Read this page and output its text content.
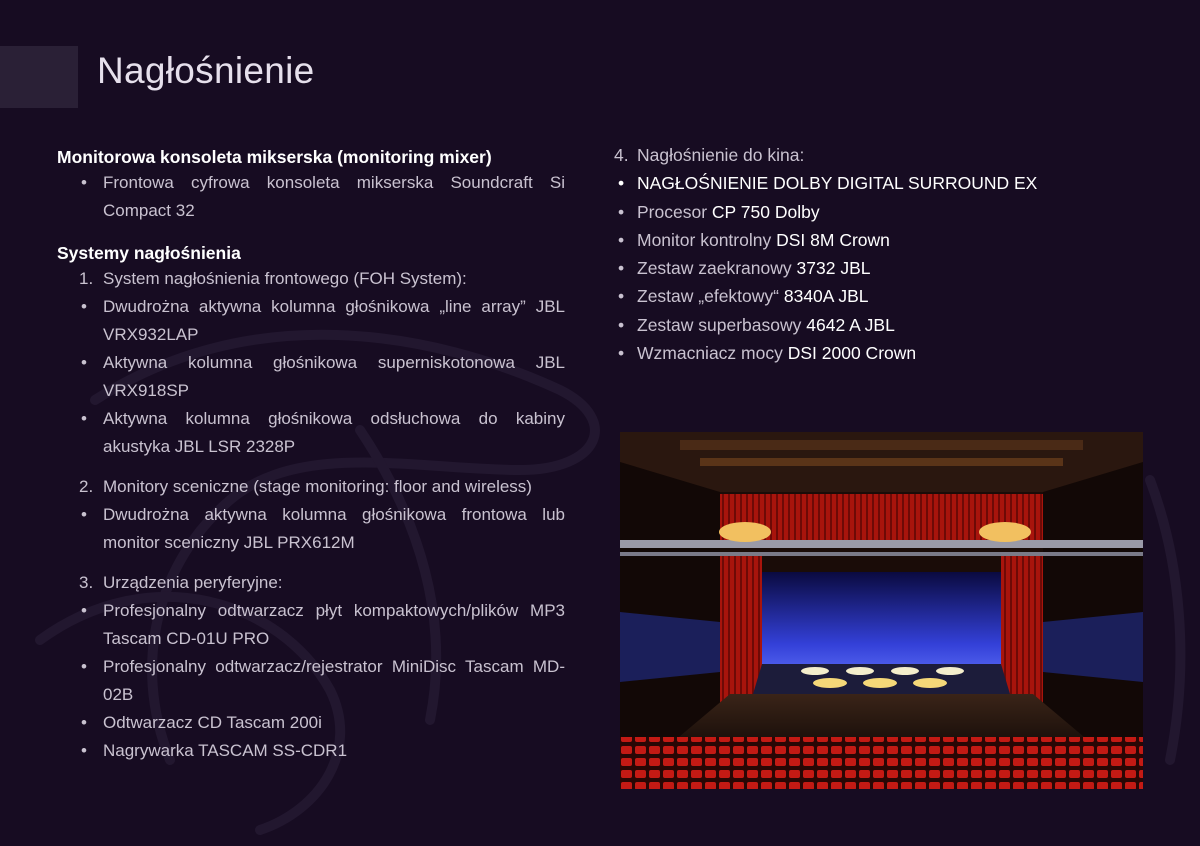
Nagłośnienie
Monitorowa konsoleta mikserska (monitoring mixer)
• Frontowa cyfrowa konsoleta mikserska Soundcraft Si Compact 32
Systemy nagłośnienia
1. System nagłośnienia frontowego (FOH System):
• Dwudrożna aktywna kolumna głośnikowa „line array” JBL VRX932LAP
• Aktywna kolumna głośnikowa superniskotonowa JBL VRX918SP
• Aktywna kolumna głośnikowa odsłuchowa do kabiny akustyka JBL LSR 2328P
2. Monitory sceniczne (stage monitoring: floor and wireless)
• Dwudrożna aktywna kolumna głośnikowa frontowa lub monitor sceniczny JBL PRX612M
3. Urządzenia peryferyjne:
• Profesjonalny odtwarzacz płyt kompaktowych/plików MP3 Tascam CD-01U PRO
• Profesjonalny odtwarzacz/rejestrator MiniDisc Tascam MD-02B
• Odtwarzacz CD Tascam 200i
• Nagrywarka TASCAM SS-CDR1
4. Nagłośnienie do kina:
• NAGŁOŚNIENIE DOLBY DIGITAL SURROUND EX
• Procesor CP 750 Dolby
• Monitor kontrolny DSI 8M Crown
• Zestaw zaekranowy 3732 JBL
• Zestaw „efektowy“ 8340A JBL
• Zestaw superbasowy 4642 A JBL
• Wzmacniacz mocy DSI 2000 Crown
